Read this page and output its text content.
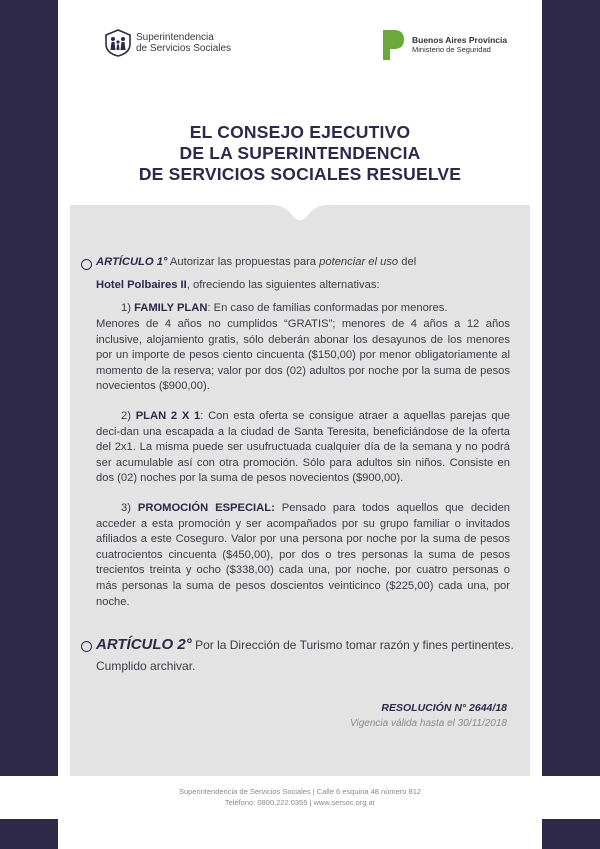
Superintendencia
de Servicios Sociales
Buenos Aires Provincia
Ministerio de Seguridad
EL CONSEJO EJECUTIVO
DE LA SUPERINTENDENCIA
DE SERVICIOS SOCIALES RESUELVE
ARTÍCULO 1° Autorizar las propuestas para potenciar el uso del
Hotel Polbaires II, ofreciendo las siguientes alternativas:
1) FAMILY PLAN: En caso de familias conformadas por menores.
Menores de 4 años no cumplidos “GRATIS”; menores de 4 años a 12 años inclusive, alojamiento gratis, sólo deberán abonar los desayunos de los menores por un importe de pesos ciento cincuenta ($150,00) por menor obligatoriamente al momento de la reserva; valor por dos (02) adultos por noche por la suma de pesos novecientos ($900,00).
2) PLAN 2 X 1: Con esta oferta se consigue atraer a aquellas parejas que deci-dan una escapada a la ciudad de Santa Teresita, beneficiándose de la oferta del 2x1. La misma puede ser usufructuada cualquier día de la semana y no podrá ser acumulable así con otra promoción. Sólo para adultos sin niños. Consiste en dos (02) noches por la suma de pesos novecientos ($900,00).
3) PROMOCIÓN ESPECIAL: Pensado para todos aquellos que deciden acceder a esta promoción y ser acompañados por su grupo familiar o invitados afiliados a este Coseguro. Valor por una persona por noche por la suma de pesos cuatrocientos cincuenta ($450,00), por dos o tres personas la suma de pesos trecientos treinta y ocho ($338,00) cada una, por noche, por cuatro personas o más personas la suma de pesos doscientos veinticinco ($225,00) cada una, por noche.
ARTÍCULO 2° Por la Dirección de Turismo tomar razón y fines pertinentes. Cumplido archivar.
RESOLUCIÓN N° 2644/18
Vigencia válida hasta el 30/11/2018
Superintendencia de Servicios Sociales | Calle 6 esquina 48 número 812
Teléfono: 0800.222.0355 | www.sersoc.org.ar
